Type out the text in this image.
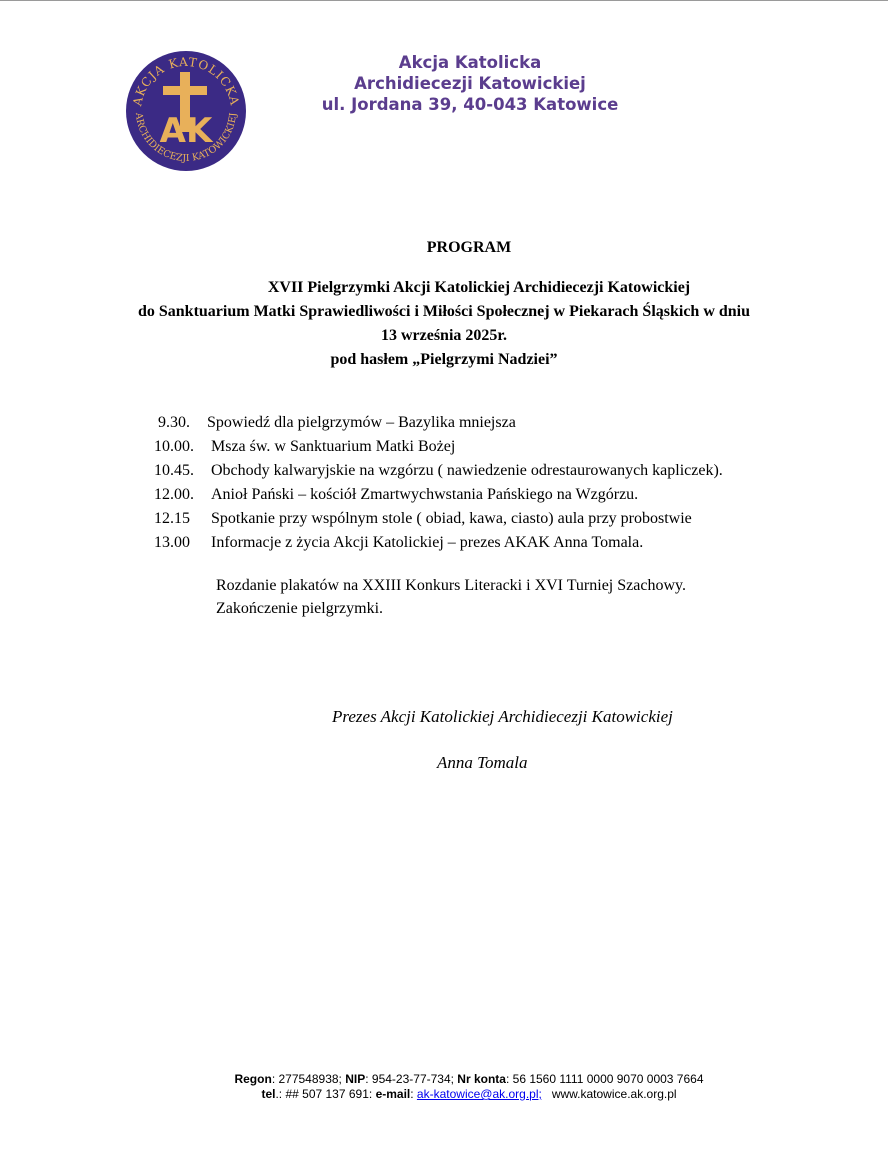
AKCJA KATOLICKA
ARCHIDIECEZJI KATOWICKIEJ
AK
Akcja Katolicka
Archidiecezji Katowickiej
ul. Jordana 39, 40-043 Katowice
PROGRAM
XVII Pielgrzymki Akcji Katolickiej Archidiecezji Katowickiej
do Sanktuarium Matki Sprawiedliwości i Miłości Społecznej w Piekarach Śląskich w dniu
13 września 2025r.
pod hasłem „Pielgrzymi Nadziei”
9.30. Spowiedź dla pielgrzymów – Bazylika mniejsza
10.00. Msza św. w Sanktuarium Matki Bożej
10.45. Obchody kalwaryjskie na wzgórzu ( nawiedzenie odrestaurowanych kapliczek).
12.00. Anioł Pański – kościół Zmartwychwstania Pańskiego na Wzgórzu.
12.15 Spotkanie przy wspólnym stole ( obiad, kawa, ciasto) aula przy probostwie
13.00 Informacje z życia Akcji Katolickiej – prezes AKAK Anna Tomala.
Rozdanie plakatów na XXIII Konkurs Literacki i XVI Turniej Szachowy.
Zakończenie pielgrzymki.
Prezes Akcji Katolickiej Archidiecezji Katowickiej
Anna Tomala
Regon: 277548938; NIP: 954-23-77-734; Nr konta: 56 1560 1111 0000 9070 0003 7664
tel.: ## 507 137 691: e-mail: ak-katowice@ak.org.pl;   www.katowice.ak.org.pl
